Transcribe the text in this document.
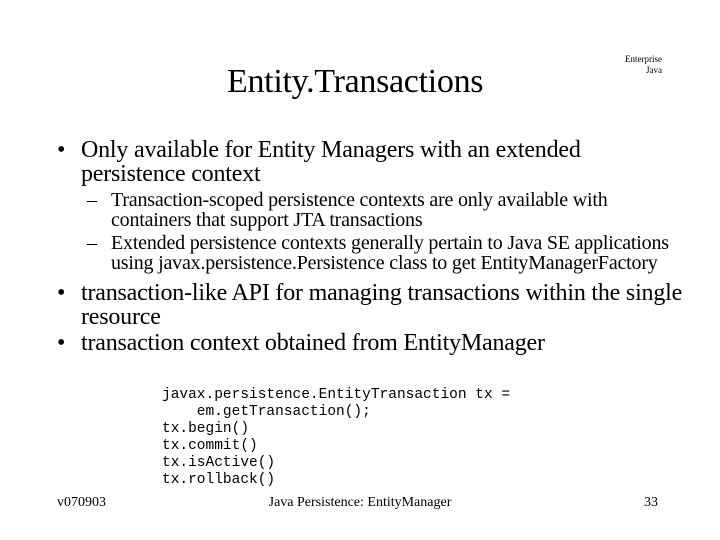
Entity.Transactions
Enterprise
Java
• Only available for Entity Managers with an extended persistence context
– Transaction-scoped persistence contexts are only available with containers that support JTA transactions
– Extended persistence contexts generally pertain to Java SE applications using javax.persistence.Persistence class to get EntityManagerFactory
• transaction-like API for managing transactions within the single resource
• transaction context obtained from EntityManager
javax.persistence.EntityTransaction tx =
em.getTransaction();
tx.begin()
tx.commit()
tx.isActive()
tx.rollback()
v070903	Java Persistence: EntityManager	33
